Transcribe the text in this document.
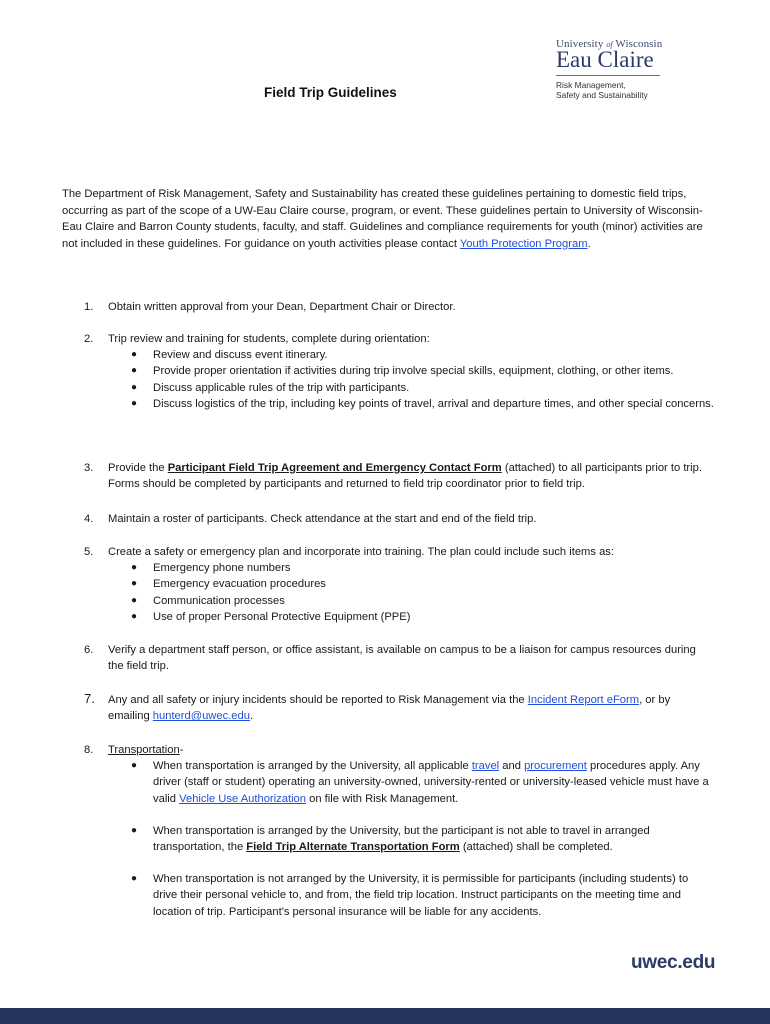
University of Wisconsin
Eau Claire
Risk Management,
Safety and Sustainability
Field Trip Guidelines
The Department of Risk Management, Safety and Sustainability has created these guidelines pertaining to domestic field trips, occurring as part of the scope of a UW-Eau Claire course, program, or event. These guidelines pertain to University of Wisconsin-Eau Claire and Barron County students, faculty, and staff. Guidelines and compliance requirements for youth (minor) activities are not included in these guidelines. For guidance on youth activities please contact Youth Protection Program.
1. Obtain written approval from your Dean, Department Chair or Director.
2. Trip review and training for students, complete during orientation:
● Review and discuss event itinerary.
● Provide proper orientation if activities during trip involve special skills, equipment, clothing, or other items.
● Discuss applicable rules of the trip with participants.
● Discuss logistics of the trip, including key points of travel, arrival and departure times, and other special concerns.
3. Provide the Participant Field Trip Agreement and Emergency Contact Form (attached) to all participants prior to trip. Forms should be completed by participants and returned to field trip coordinator prior to field trip.
4. Maintain a roster of participants. Check attendance at the start and end of the field trip.
5. Create a safety or emergency plan and incorporate into training. The plan could include such items as:
● Emergency phone numbers
● Emergency evacuation procedures
● Communication processes
● Use of proper Personal Protective Equipment (PPE)
6. Verify a department staff person, or office assistant, is available on campus to be a liaison for campus resources during the field trip.
7. Any and all safety or injury incidents should be reported to Risk Management via the Incident Report eForm, or by emailing hunterd@uwec.edu.
8. Transportation-
● When transportation is arranged by the University, all applicable travel and procurement procedures apply. Any driver (staff or student) operating an university-owned, university-rented or university-leased vehicle must have a valid Vehicle Use Authorization on file with Risk Management.
● When transportation is arranged by the University, but the participant is not able to travel in arranged transportation, the Field Trip Alternate Transportation Form (attached) shall be completed.
● When transportation is not arranged by the University, it is permissible for participants (including students) to drive their personal vehicle to, and from, the field trip location. Instruct participants on the meeting time and location of trip. Participant's personal insurance will be liable for any accidents.
uwec.edu
